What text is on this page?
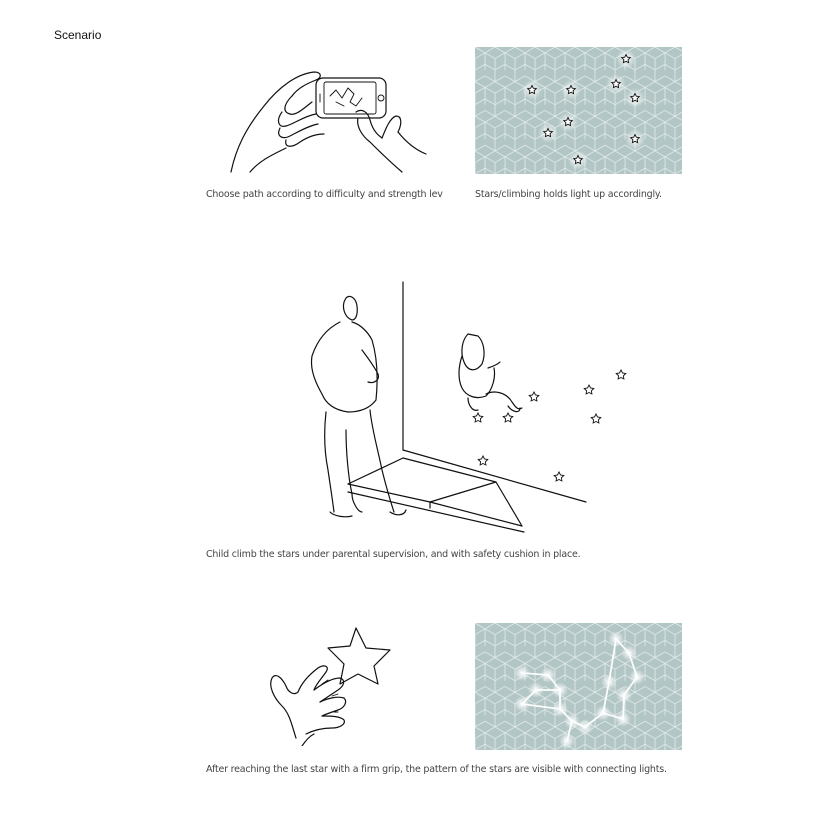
Scenario
Choose path according to difficulty and strength lev	Stars/climbing holds light up accordingly.
Child climb the stars under parental supervision, and with safety cushion in place.
After reaching the last star with a firm grip, the pattern of the stars are visible with connecting lights.
